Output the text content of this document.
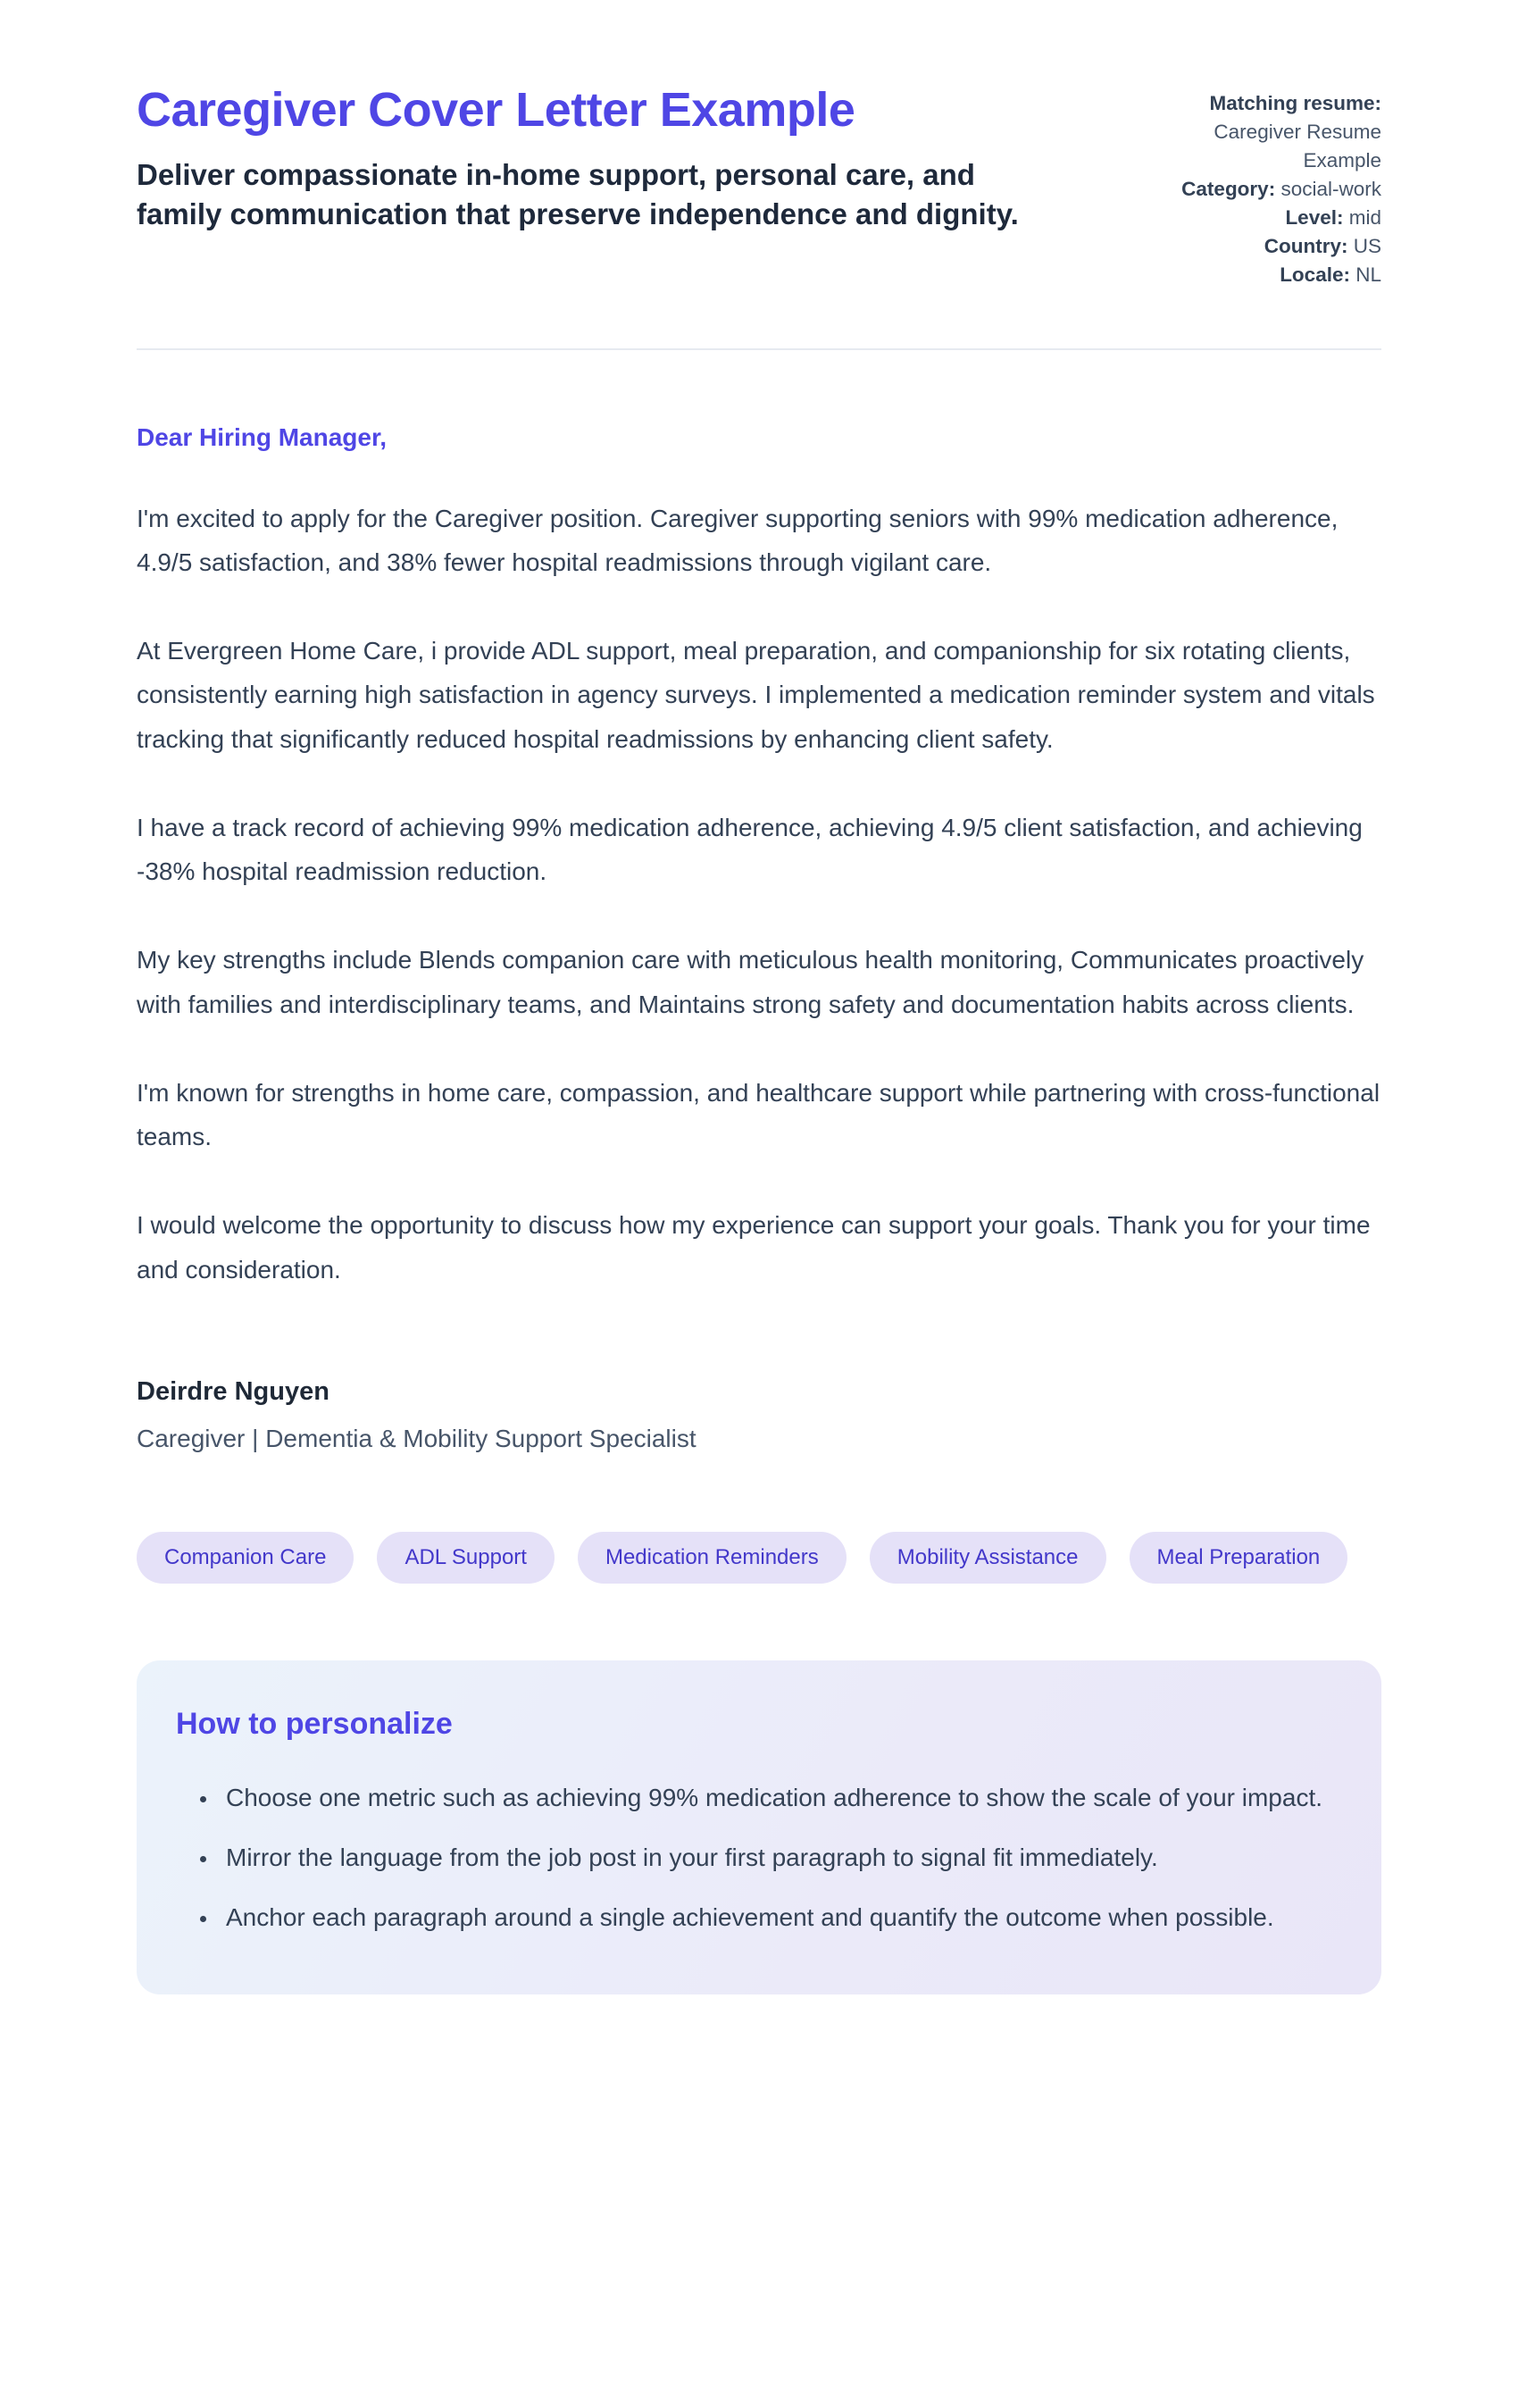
Caregiver Cover Letter Example
Deliver compassionate in-home support, personal care, and family communication that preserve independence and dignity.
Matching resume: Caregiver Resume Example
Category: social-work
Level: mid
Country: US
Locale: NL

Dear Hiring Manager,

I'm excited to apply for the Caregiver position. Caregiver supporting seniors with 99% medication adherence, 4.9/5 satisfaction, and 38% fewer hospital readmissions through vigilant care.

At Evergreen Home Care, i provide ADL support, meal preparation, and companionship for six rotating clients, consistently earning high satisfaction in agency surveys. I implemented a medication reminder system and vitals tracking that significantly reduced hospital readmissions by enhancing client safety.

I have a track record of achieving 99% medication adherence, achieving 4.9/5 client satisfaction, and achieving -38% hospital readmission reduction.

My key strengths include Blends companion care with meticulous health monitoring, Communicates proactively with families and interdisciplinary teams, and Maintains strong safety and documentation habits across clients.

I'm known for strengths in home care, compassion, and healthcare support while partnering with cross-functional teams.

I would welcome the opportunity to discuss how my experience can support your goals. Thank you for your time and consideration.

Deirdre Nguyen

Caregiver | Dementia & Mobility Support Specialist

Companion Care	ADL Support	Medication Reminders	Mobility Assistance	Meal Preparation
How to personalize
• Choose one metric such as achieving 99% medication adherence to show the scale of your impact.
• Mirror the language from the job post in your first paragraph to signal fit immediately.
• Anchor each paragraph around a single achievement and quantify the outcome when possible.
